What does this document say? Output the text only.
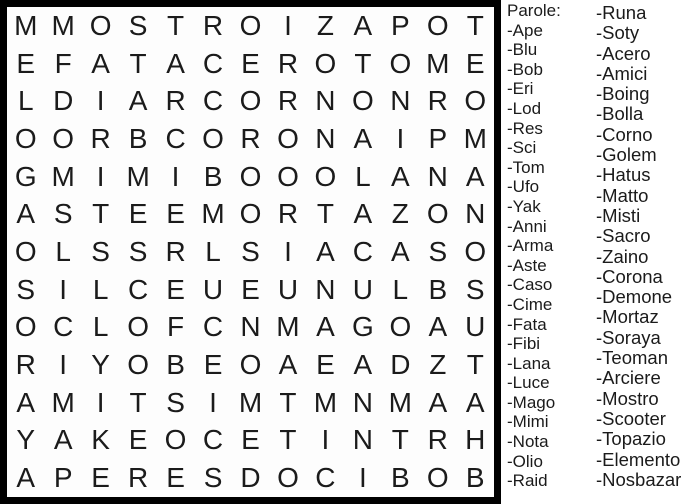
M M O S T R O I Z A P O T
E F A T A C E R O T O M E
L D I A R C O R N O N R O
O O R B C O R O N A I P M
G M I M I B O O O L A N A
A S T E E M O R T A Z O N
O L S S R L S I A C A S O
S I L C E U E U N U L B S
O C L O F C N M A G O A U
R I Y O B E O A E A D Z T
A M I T S I M T M N M A A
Y A K E O C E T I N T R H
A P E R E S D O C I B O B
Parole:
-Ape
-Blu
-Bob
-Eri
-Lod
-Res
-Sci
-Tom
-Ufo
-Yak
-Anni
-Arma
-Aste
-Caso
-Cime
-Fata
-Fibi
-Lana
-Luce
-Mago
-Mimi
-Nota
-Olio
-Raid
-Runa
-Soty
-Acero
-Amici
-Boing
-Bolla
-Corno
-Golem
-Hatus
-Matto
-Misti
-Sacro
-Zaino
-Corona
-Demone
-Mortaz
-Soraya
-Teoman
-Arciere
-Mostro
-Scooter
-Topazio
-Elemento
-Nosbazar
